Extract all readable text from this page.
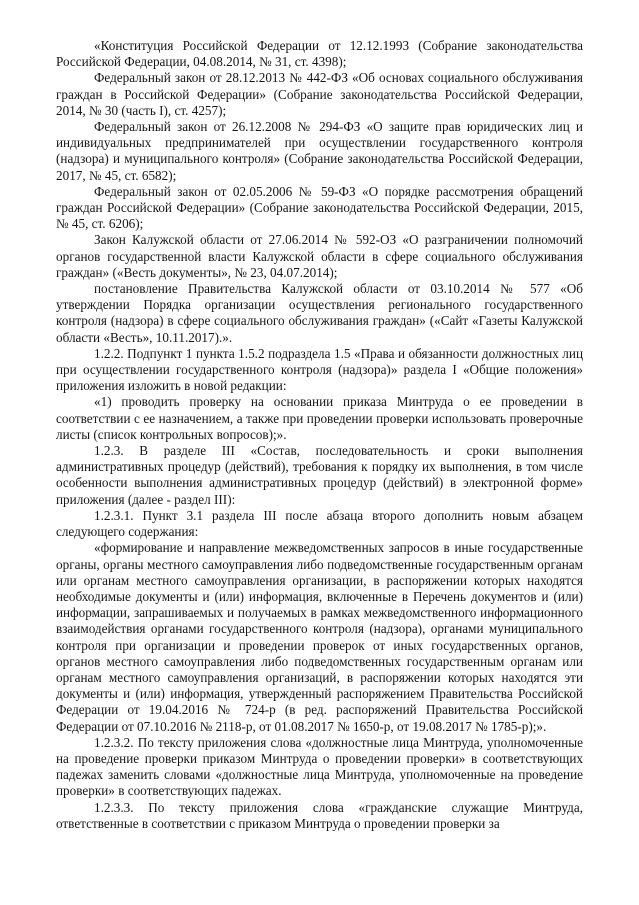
«Конституция Российской Федерации от 12.12.1993 (Собрание законодательства Российской Федерации, 04.08.2014, № 31, ст. 4398);

Федеральный закон от 28.12.2013 № 442-ФЗ «Об основах социального обслуживания граждан в Российской Федерации» (Собрание законодательства Российской Федерации, 2014, № 30 (часть I), ст. 4257);

Федеральный закон от 26.12.2008 № 294-ФЗ «О защите прав юридических лиц и индивидуальных предпринимателей при осуществлении государственного контроля (надзора) и муниципального контроля» (Собрание законодательства Российской Федерации, 2017, № 45, ст. 6582);

Федеральный закон от 02.05.2006 № 59-ФЗ «О порядке рассмотрения обращений граждан Российской Федерации» (Собрание законодательства Российской Федерации, 2015, № 45, ст. 6206);

Закон Калужской области от 27.06.2014 № 592-ОЗ «О разграничении полномочий органов государственной власти Калужской области в сфере социального обслуживания граждан» («Весть документы», № 23, 04.07.2014);

постановление Правительства Калужской области от 03.10.2014 № 577 «Об утверждении Порядка организации осуществления регионального государственного контроля (надзора) в сфере социального обслуживания граждан» («Сайт «Газеты Калужской области «Весть», 10.11.2017).».

1.2.2. Подпункт 1 пункта 1.5.2 подраздела 1.5 «Права и обязанности должностных лиц при осуществлении государственного контроля (надзора)» раздела I «Общие положения» приложения изложить в новой редакции:

«1) проводить проверку на основании приказа Минтруда о ее проведении в соответствии с ее назначением, а также при проведении проверки использовать проверочные листы (список контрольных вопросов);».

1.2.3. В разделе III «Состав, последовательность и сроки выполнения административных процедур (действий), требования к порядку их выполнения, в том числе особенности выполнения административных процедур (действий) в электронной форме» приложения (далее - раздел III):

1.2.3.1. Пункт 3.1 раздела III после абзаца второго дополнить новым абзацем следующего содержания:

«формирование и направление межведомственных запросов в иные государственные органы, органы местного самоуправления либо подведомственные государственным органам или органам местного самоуправления организации, в распоряжении которых находятся необходимые документы и (или) информация, включенные в Перечень документов и (или) информации, запрашиваемых и получаемых в рамках межведомственного информационного взаимодействия органами государственного контроля (надзора), органами муниципального контроля при организации и проведении проверок от иных государственных органов, органов местного самоуправления либо подведомственных государственным органам или органам местного самоуправления организаций, в распоряжении которых находятся эти документы и (или) информация, утвержденный распоряжением Правительства Российской Федерации от 19.04.2016 № 724-р (в ред. распоряжений Правительства Российской Федерации от 07.10.2016 № 2118-р, от 01.08.2017 № 1650-р, от 19.08.2017 № 1785-р);».

1.2.3.2. По тексту приложения слова «должностные лица Минтруда, уполномоченные на проведение проверки приказом Минтруда о проведении проверки» в соответствующих падежах заменить словами «должностные лица Минтруда, уполномоченные на проведение проверки» в соответствующих падежах.

1.2.3.3. По тексту приложения слова «гражданские служащие Минтруда, ответственные в соответствии с приказом Минтруда о проведении проверки за
